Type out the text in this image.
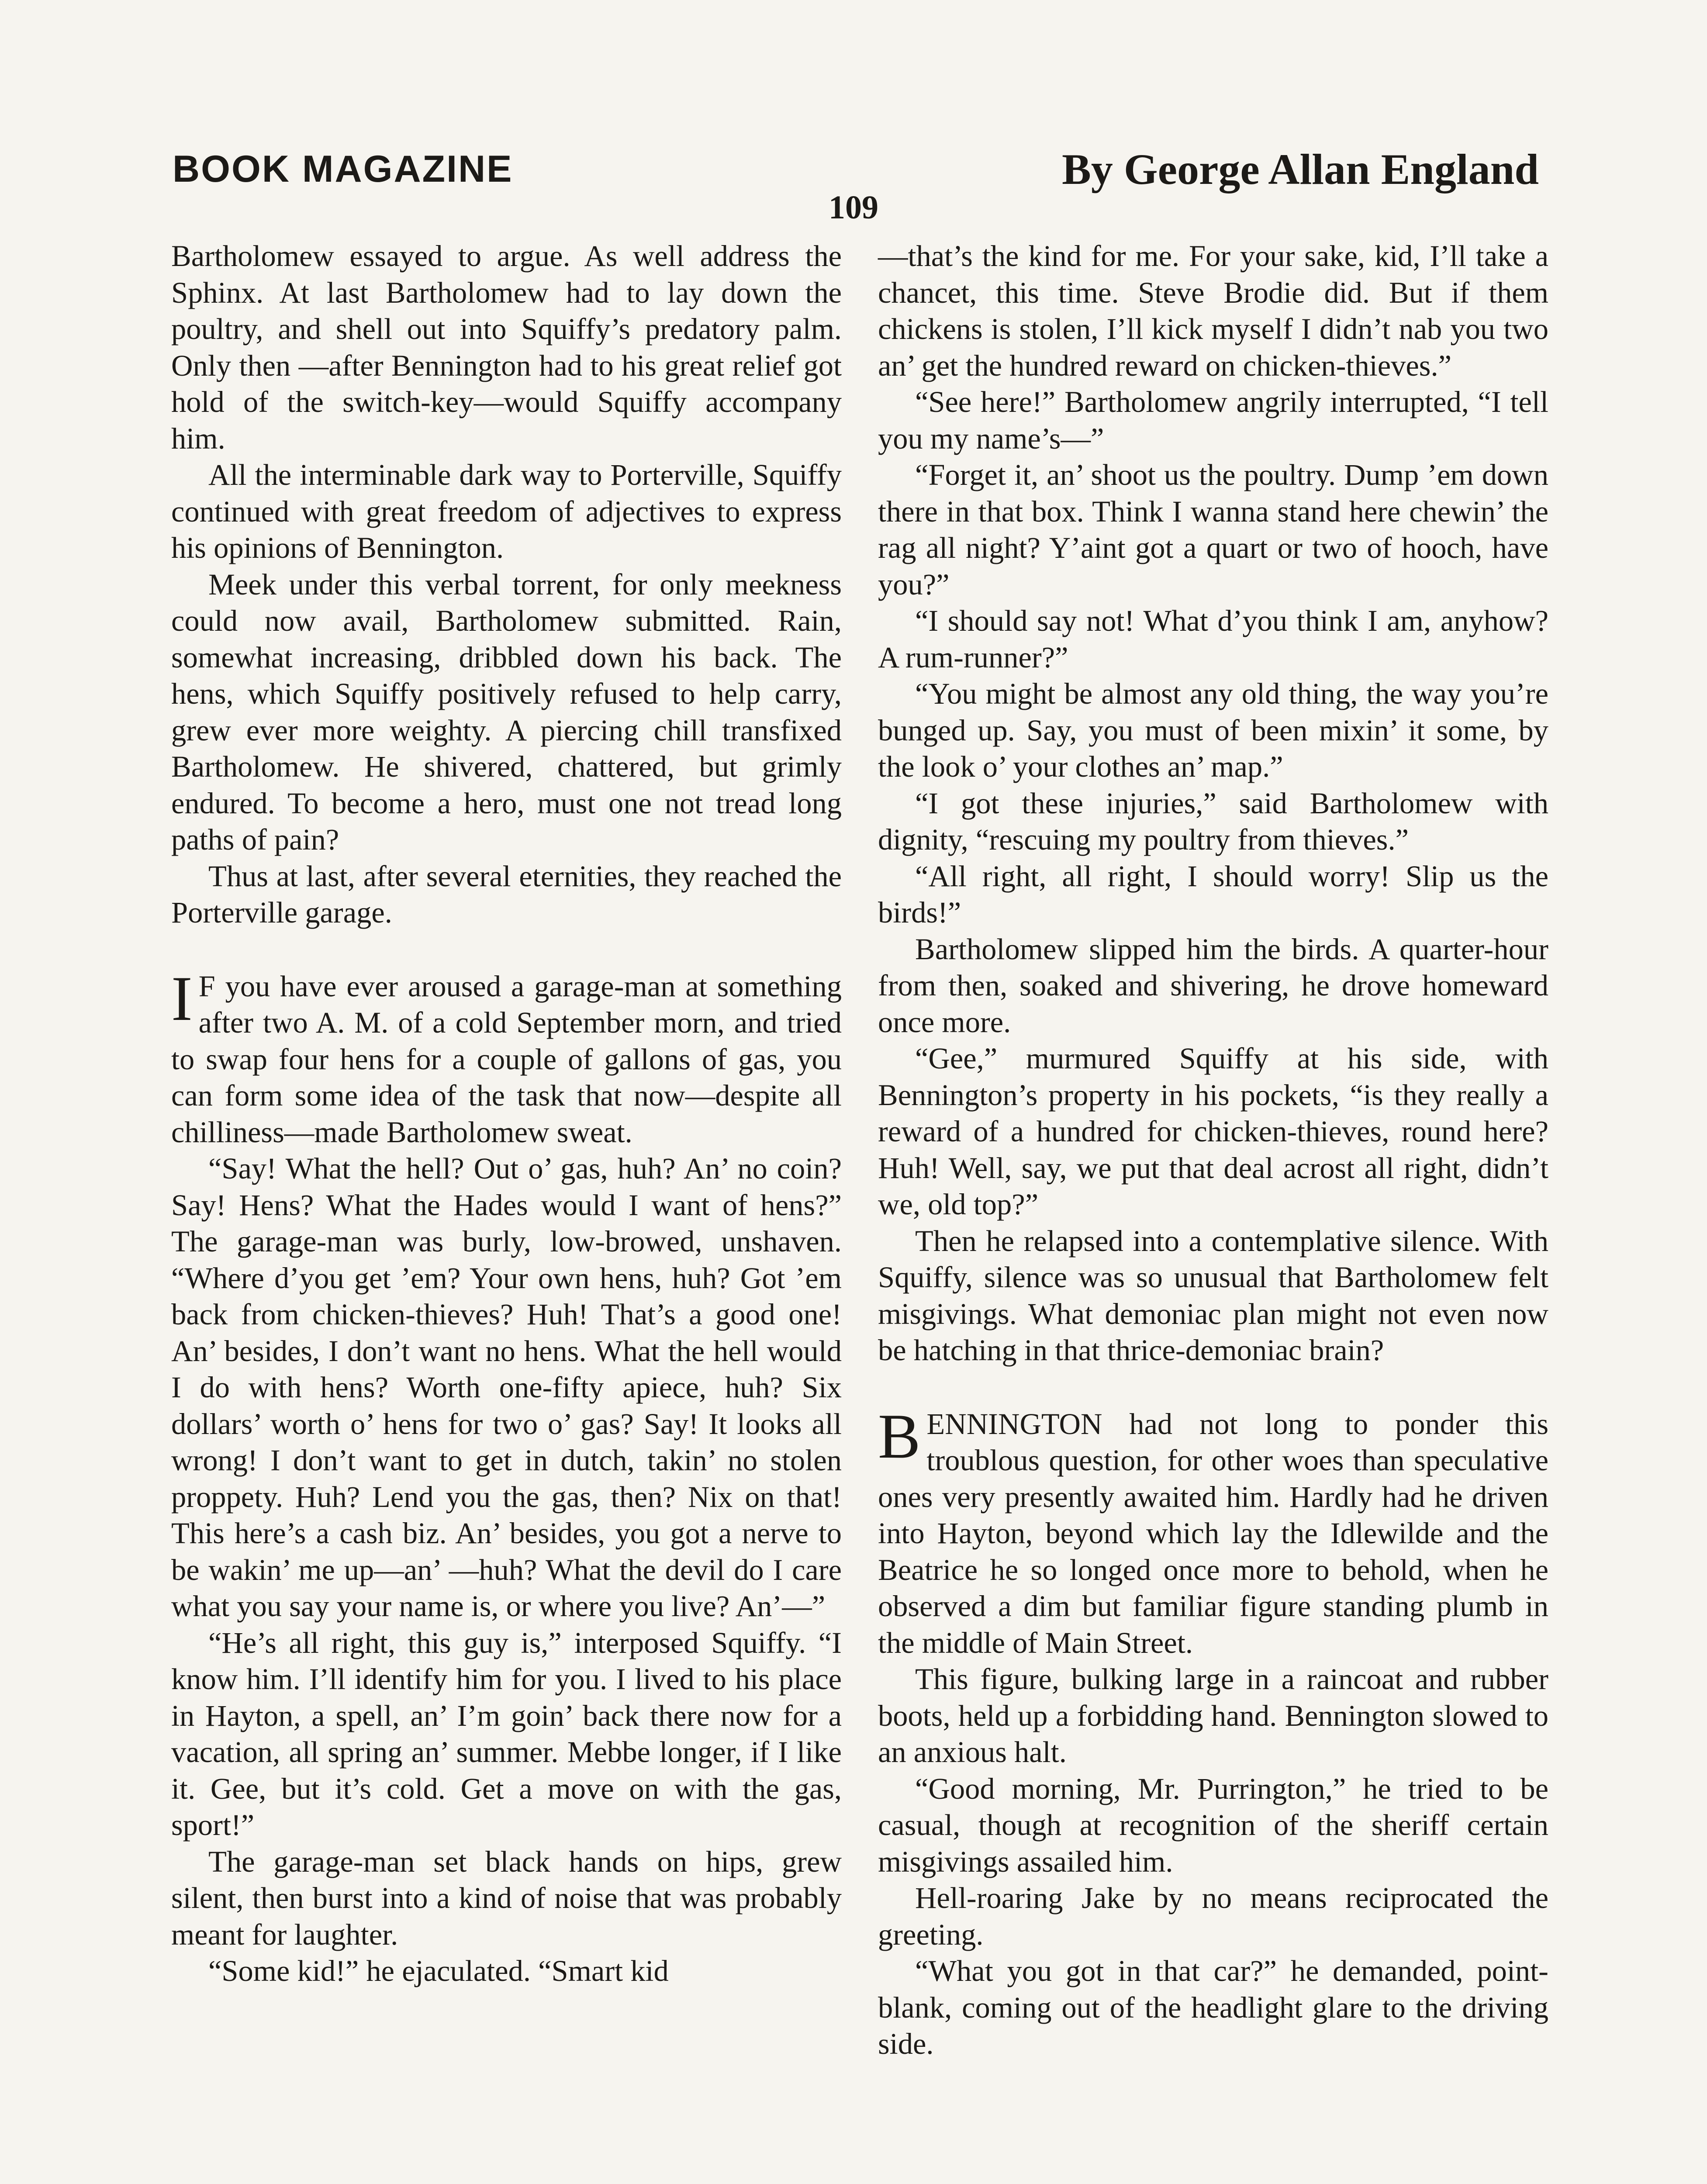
BOOK MAGAZINE	By George Allan England
109

Bartholomew essayed to argue. As well address the Sphinx. At last Bartholomew had to lay down the poultry, and shell out into Squiffy’s predatory palm. Only then —after Bennington had to his great relief got hold of the switch-key—would Squiffy accompany him.

All the interminable dark way to Porterville, Squiffy continued with great freedom of adjectives to express his opinions of Bennington.

Meek under this verbal torrent, for only meekness could now avail, Bartholomew submitted. Rain, somewhat increasing, dribbled down his back. The hens, which Squiffy positively refused to help carry, grew ever more weighty. A piercing chill transfixed Bartholomew. He shivered, chattered, but grimly endured. To become a hero, must one not tread long paths of pain?

Thus at last, after several eternities, they reached the Porterville garage.

I F you have ever aroused a garage-man at something after two A. M. of a cold September morn, and tried to swap four hens for a couple of gallons of gas, you can form some idea of the task that now—despite all chilliness—made Bartholomew sweat.

“Say! What the hell? Out o’ gas, huh? An’ no coin? Say! Hens? What the Hades would I want of hens?” The garage-man was burly, low-browed, unshaven. “Where d’you get ’em? Your own hens, huh? Got ’em back from chicken-thieves? Huh! That’s a good one! An’ besides, I don’t want no hens. What the hell would I do with hens? Worth one-fifty apiece, huh? Six dollars’ worth o’ hens for two o’ gas? Say! It looks all wrong! I don’t want to get in dutch, takin’ no stolen proppety. Huh? Lend you the gas, then? Nix on that! This here’s a cash biz. An’ besides, you got a nerve to be wakin’ me up—an’ —huh? What the devil do I care what you say your name is, or where you live? An’—”

“He’s all right, this guy is,” interposed Squiffy. “I know him. I’ll identify him for you. I lived to his place in Hayton, a spell, an’ I’m goin’ back there now for a vacation, all spring an’ summer. Mebbe longer, if I like it. Gee, but it’s cold. Get a move on with the gas, sport!”

The garage-man set black hands on hips, grew silent, then burst into a kind of noise that was probably meant for laughter.

“Some kid!” he ejaculated. “Smart kid

—that’s the kind for me. For your sake, kid, I’ll take a chancet, this time. Steve Brodie did. But if them chickens is stolen, I’ll kick myself I didn’t nab you two an’ get the hundred reward on chicken-thieves.”

“See here!” Bartholomew angrily interrupted, “I tell you my name’s—”

“Forget it, an’ shoot us the poultry. Dump ’em down there in that box. Think I wanna stand here chewin’ the rag all night? Y’aint got a quart or two of hooch, have you?”

“I should say not! What d’you think I am, anyhow? A rum-runner?”

“You might be almost any old thing, the way you’re bunged up. Say, you must of been mixin’ it some, by the look o’ your clothes an’ map.”

“I got these injuries,” said Bartholomew with dignity, “rescuing my poultry from thieves.”

“All right, all right, I should worry! Slip us the birds!”

Bartholomew slipped him the birds. A quarter-hour from then, soaked and shivering, he drove homeward once more.

“Gee,” murmured Squiffy at his side, with Bennington’s property in his pockets, “is they really a reward of a hundred for chicken-thieves, round here? Huh! Well, say, we put that deal acrost all right, didn’t we, old top?”

Then he relapsed into a contemplative silence. With Squiffy, silence was so unusual that Bartholomew felt misgivings. What demoniac plan might not even now be hatching in that thrice-demoniac brain?

BENNINGTON had not long to ponder this troublous question, for other woes than speculative ones very presently awaited him. Hardly had he driven into Hayton, beyond which lay the Idlewilde and the Beatrice he so longed once more to behold, when he observed a dim but familiar figure standing plumb in the middle of Main Street.

This figure, bulking large in a raincoat and rubber boots, held up a forbidding hand. Bennington slowed to an anxious halt.

“Good morning, Mr. Purrington,” he tried to be casual, though at recognition of the sheriff certain misgivings assailed him.

Hell-roaring Jake by no means reciprocated the greeting.

“What you got in that car?” he demanded, point-blank, coming out of the headlight glare to the driving side.
